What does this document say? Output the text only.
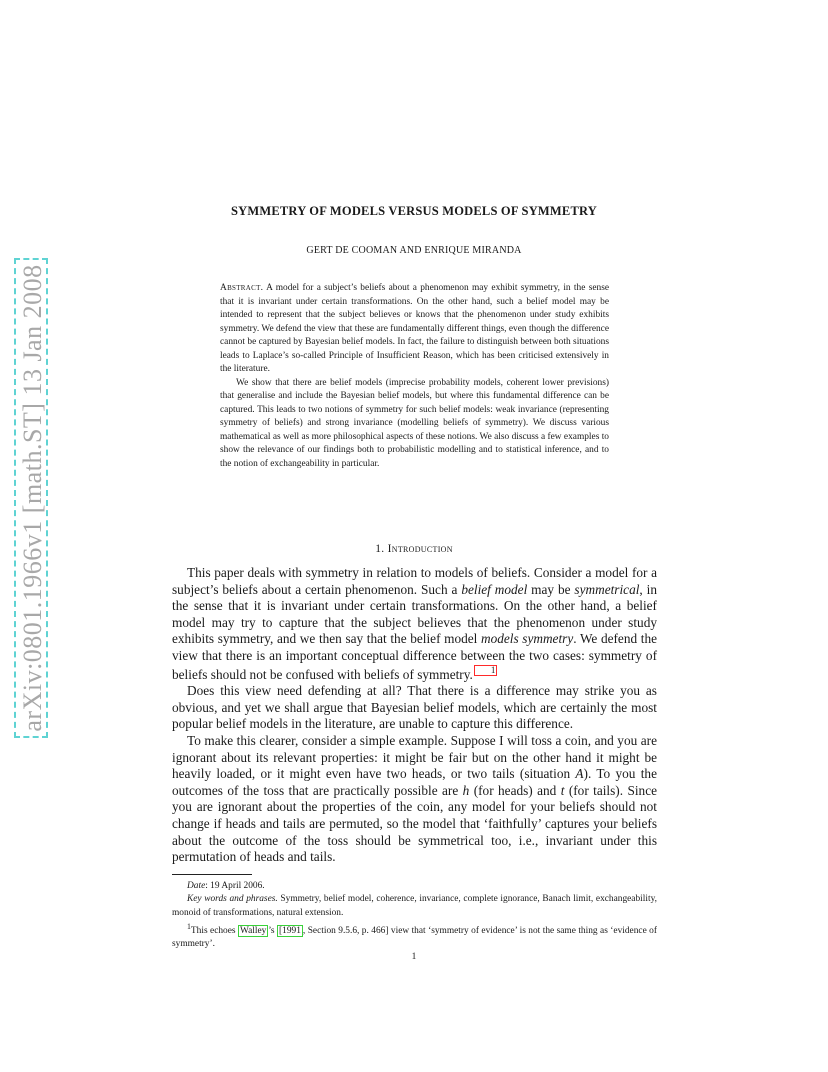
arXiv:0801.1966v1 [math.ST] 13 Jan 2008
SYMMETRY OF MODELS VERSUS MODELS OF SYMMETRY
GERT DE COOMAN AND ENRIQUE MIRANDA

Abstract. A model for a subject’s beliefs about a phenomenon may exhibit symmetry, in the sense that it is invariant under certain transformations. On the other hand, such a belief model may be intended to represent that the subject believes or knows that the phenomenon under study exhibits symmetry. We defend the view that these are fundamentally different things, even though the difference cannot be captured by Bayesian belief models. In fact, the failure to distinguish between both situations leads to Laplace’s so-called Principle of Insufficient Reason, which has been criticised extensively in the literature.

We show that there are belief models (imprecise probability models, coherent lower previsions) that generalise and include the Bayesian belief models, but where this fundamental difference can be captured. This leads to two notions of symmetry for such belief models: weak invariance (representing symmetry of beliefs) and strong invariance (modelling beliefs of symmetry). We discuss various mathematical as well as more philosophical aspects of these notions. We also discuss a few examples to show the relevance of our findings both to probabilistic modelling and to statistical inference, and to the notion of exchangeability in particular.

1. Introduction

This paper deals with symmetry in relation to models of beliefs. Consider a model for a subject’s beliefs about a certain phenomenon. Such a belief model may be symmetrical, in the sense that it is invariant under certain transformations. On the other hand, a belief model may try to capture that the subject believes that the phenomenon under study exhibits symmetry, and we then say that the belief model models symmetry. We defend the view that there is an important conceptual difference between the two cases: symmetry of beliefs should not be confused with beliefs of symmetry. 1

Does this view need defending at all? That there is a difference may strike you as obvious, and yet we shall argue that Bayesian belief models, which are certainly the most popular belief models in the literature, are unable to capture this difference.

To make this clearer, consider a simple example. Suppose I will toss a coin, and you are ignorant about its relevant properties: it might be fair but on the other hand it might be heavily loaded, or it might even have two heads, or two tails (situation A). To you the outcomes of the toss that are practically possible are h (for heads) and t (for tails). Since you are ignorant about the properties of the coin, any model for your beliefs should not change if heads and tails are permuted, so the model that ‘faithfully’ captures your beliefs about the outcome of the toss should be symmetrical too, i.e., invariant under this permutation of heads and tails.

Date: 19 April 2006.

Key words and phrases. Symmetry, belief model, coherence, invariance, complete ignorance, Banach limit, exchangeability, monoid of transformations, natural extension.

$^1$This echoes Walley ’s [1991 , Section 9.5.6, p. 466] view that ‘symmetry of evidence’ is not the same thing as ‘evidence of symmetry’.

1
